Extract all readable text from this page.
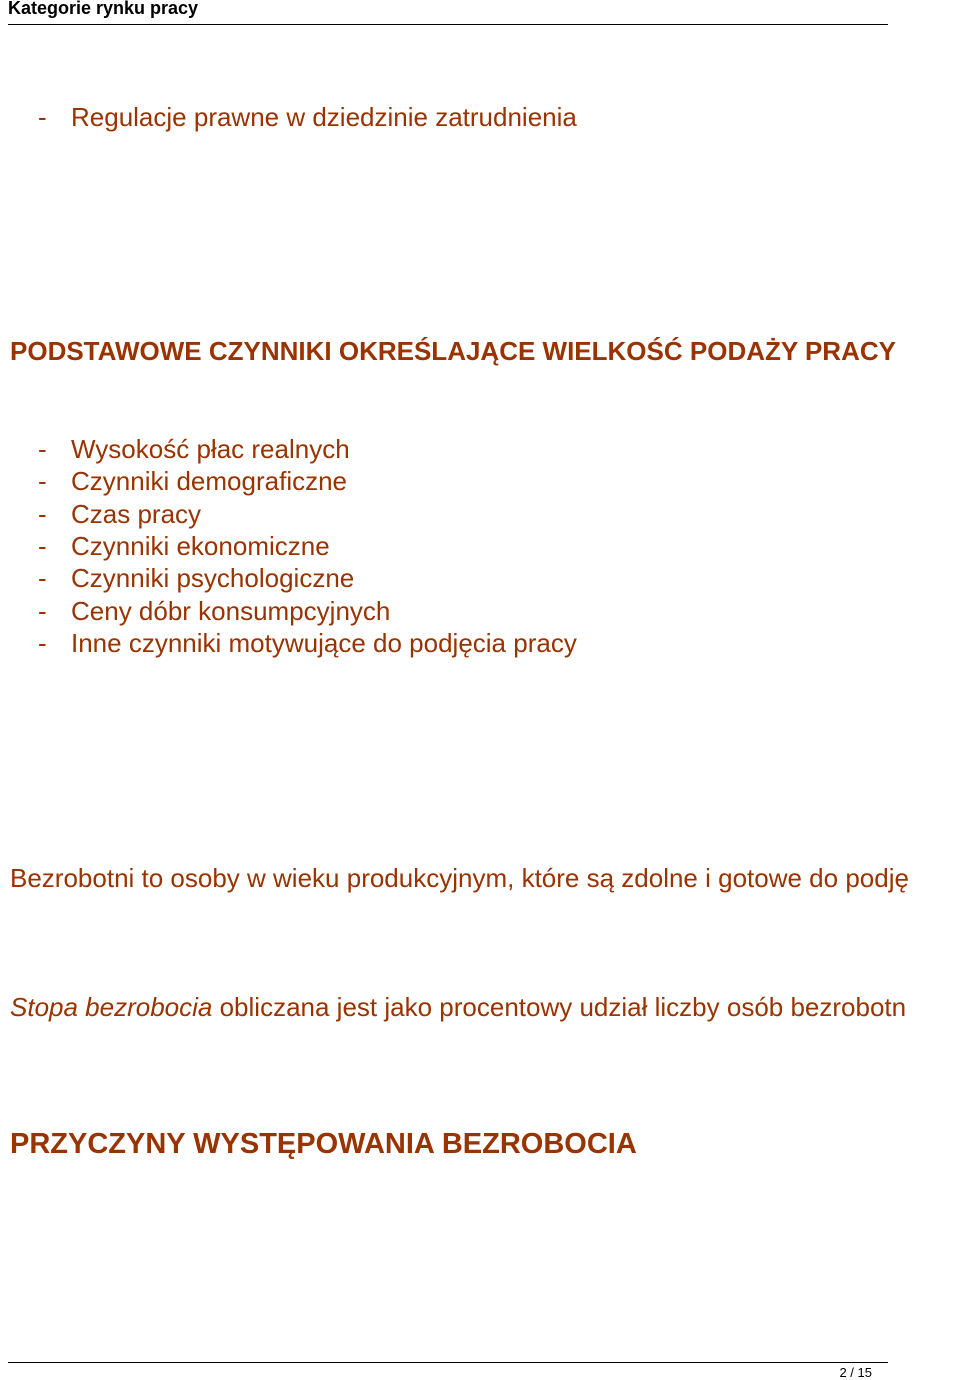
Kategorie rynku pracy
- Regulacje prawne w dziedzinie zatrudnienia
PODSTAWOWE CZYNNIKI OKREŚLAJĄCE WIELKOŚĆ PODAŻY PRACY
- Wysokość płac realnych
- Czynniki demograficzne
- Czas pracy
- Czynniki ekonomiczne
- Czynniki psychologiczne
- Ceny dóbr konsumpcyjnych
- Inne czynniki motywujące do podjęcia pracy
Bezrobotni to osoby w wieku produkcyjnym, które są zdolne i gotowe do podję
Stopa bezrobocia obliczana jest jako procentowy udział liczby osób bezrobotn
PRZYCZYNY WYSTĘPOWANIA BEZROBOCIA
2 / 15
